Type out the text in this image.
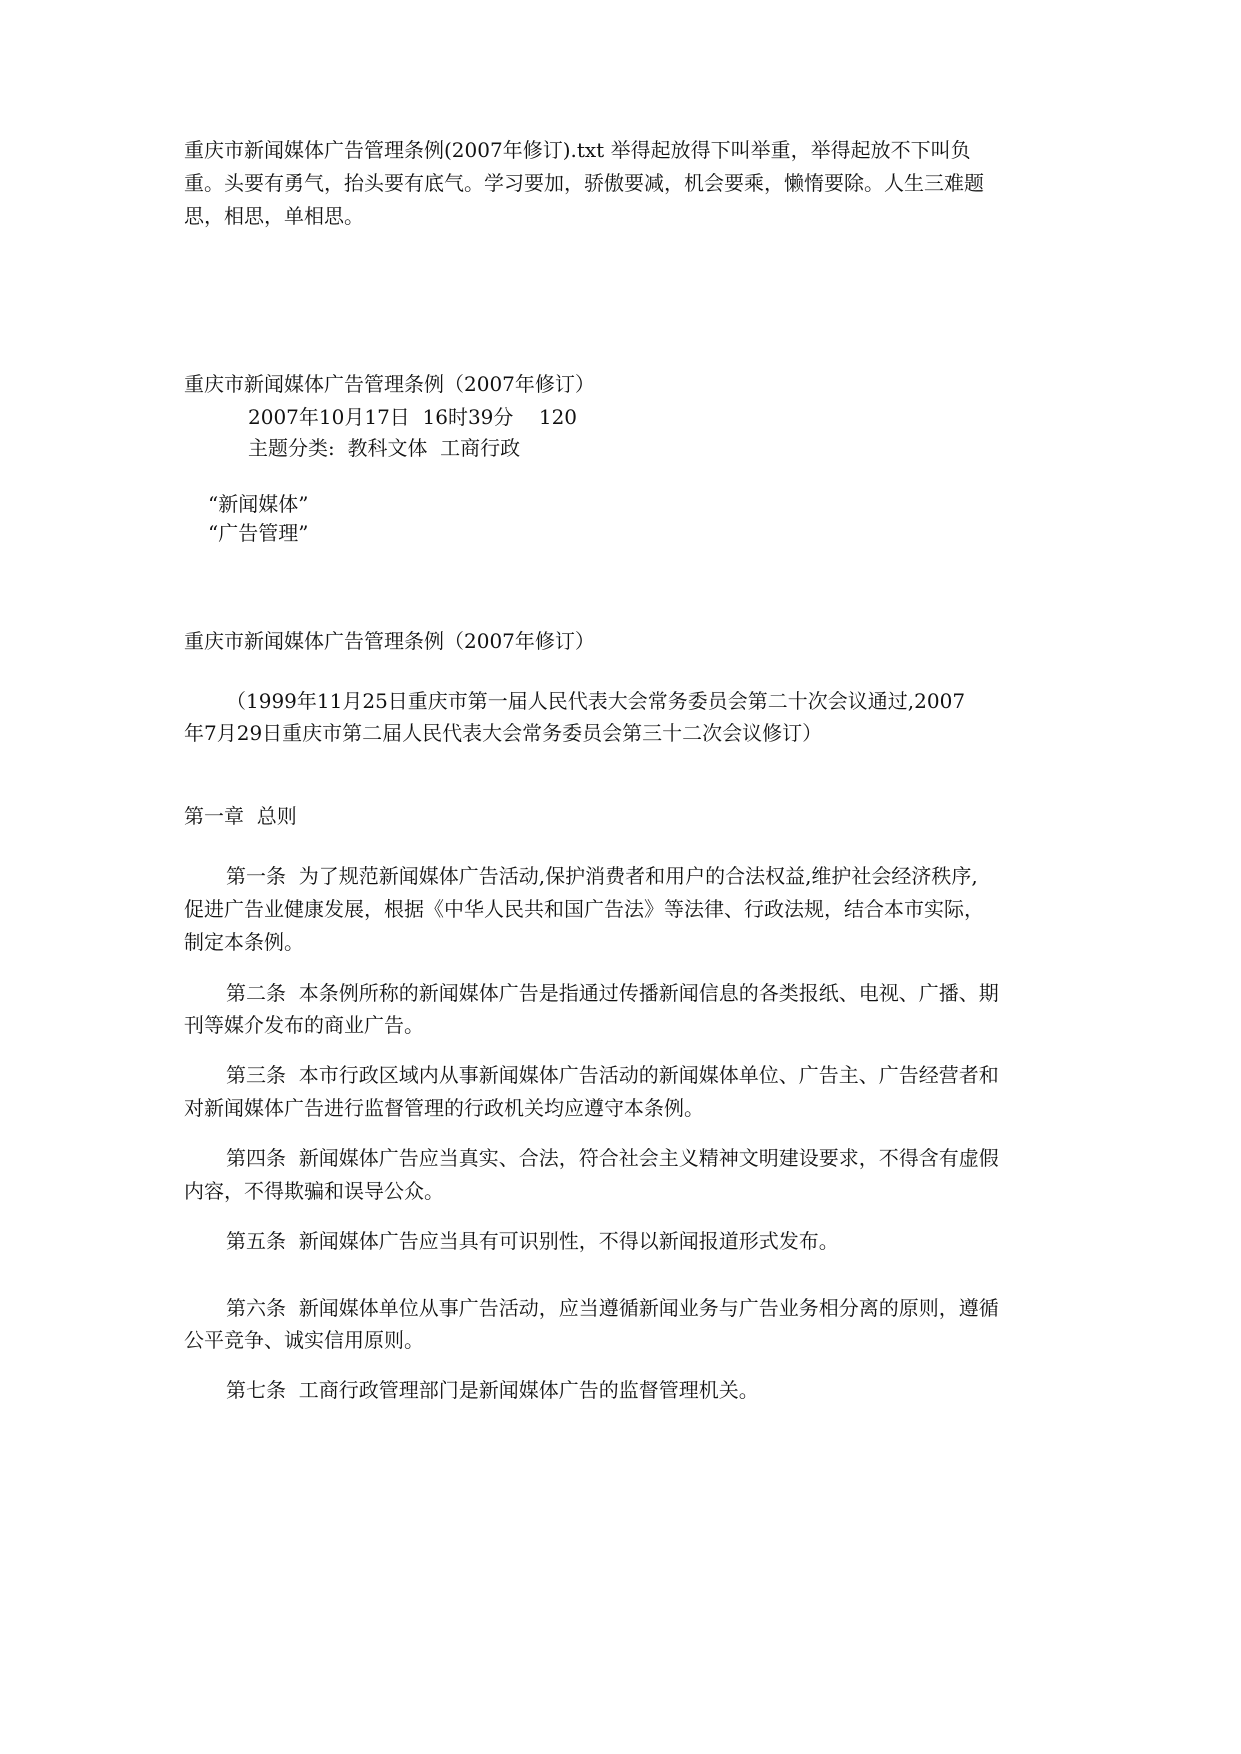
重庆市新闻媒体广告管理条例(2007年修订).txt 举得起放得下叫举重，举得起放不下叫负
重。头要有勇气，抬头要有底气。学习要加，骄傲要减，机会要乘，懒惰要除。人生三难题
思，相思，单相思。
重庆市新闻媒体广告管理条例（2007年修订）
2007年10月17日  16时39分    120
主题分类:  教科文体  工商行政
“新闻媒体”
“广告管理”
重庆市新闻媒体广告管理条例（2007年修订）
（1999年11月25日重庆市第一届人民代表大会常务委员会第二十次会议通过,2007
年7月29日重庆市第二届人民代表大会常务委员会第三十二次会议修订）
第一章  总则
第一条  为了规范新闻媒体广告活动,保护消费者和用户的合法权益,维护社会经济秩序,
促进广告业健康发展，根据《中华人民共和国广告法》等法律、行政法规，结合本市实际，
制定本条例。
第二条  本条例所称的新闻媒体广告是指通过传播新闻信息的各类报纸、电视、广播、期
刊等媒介发布的商业广告。
第三条  本市行政区域内从事新闻媒体广告活动的新闻媒体单位、广告主、广告经营者和
对新闻媒体广告进行监督管理的行政机关均应遵守本条例。
第四条  新闻媒体广告应当真实、合法，符合社会主义精神文明建设要求，不得含有虚假
内容，不得欺骗和误导公众。
第五条  新闻媒体广告应当具有可识别性，不得以新闻报道形式发布。
第六条  新闻媒体单位从事广告活动，应当遵循新闻业务与广告业务相分离的原则，遵循
公平竞争、诚实信用原则。
第七条  工商行政管理部门是新闻媒体广告的监督管理机关。
